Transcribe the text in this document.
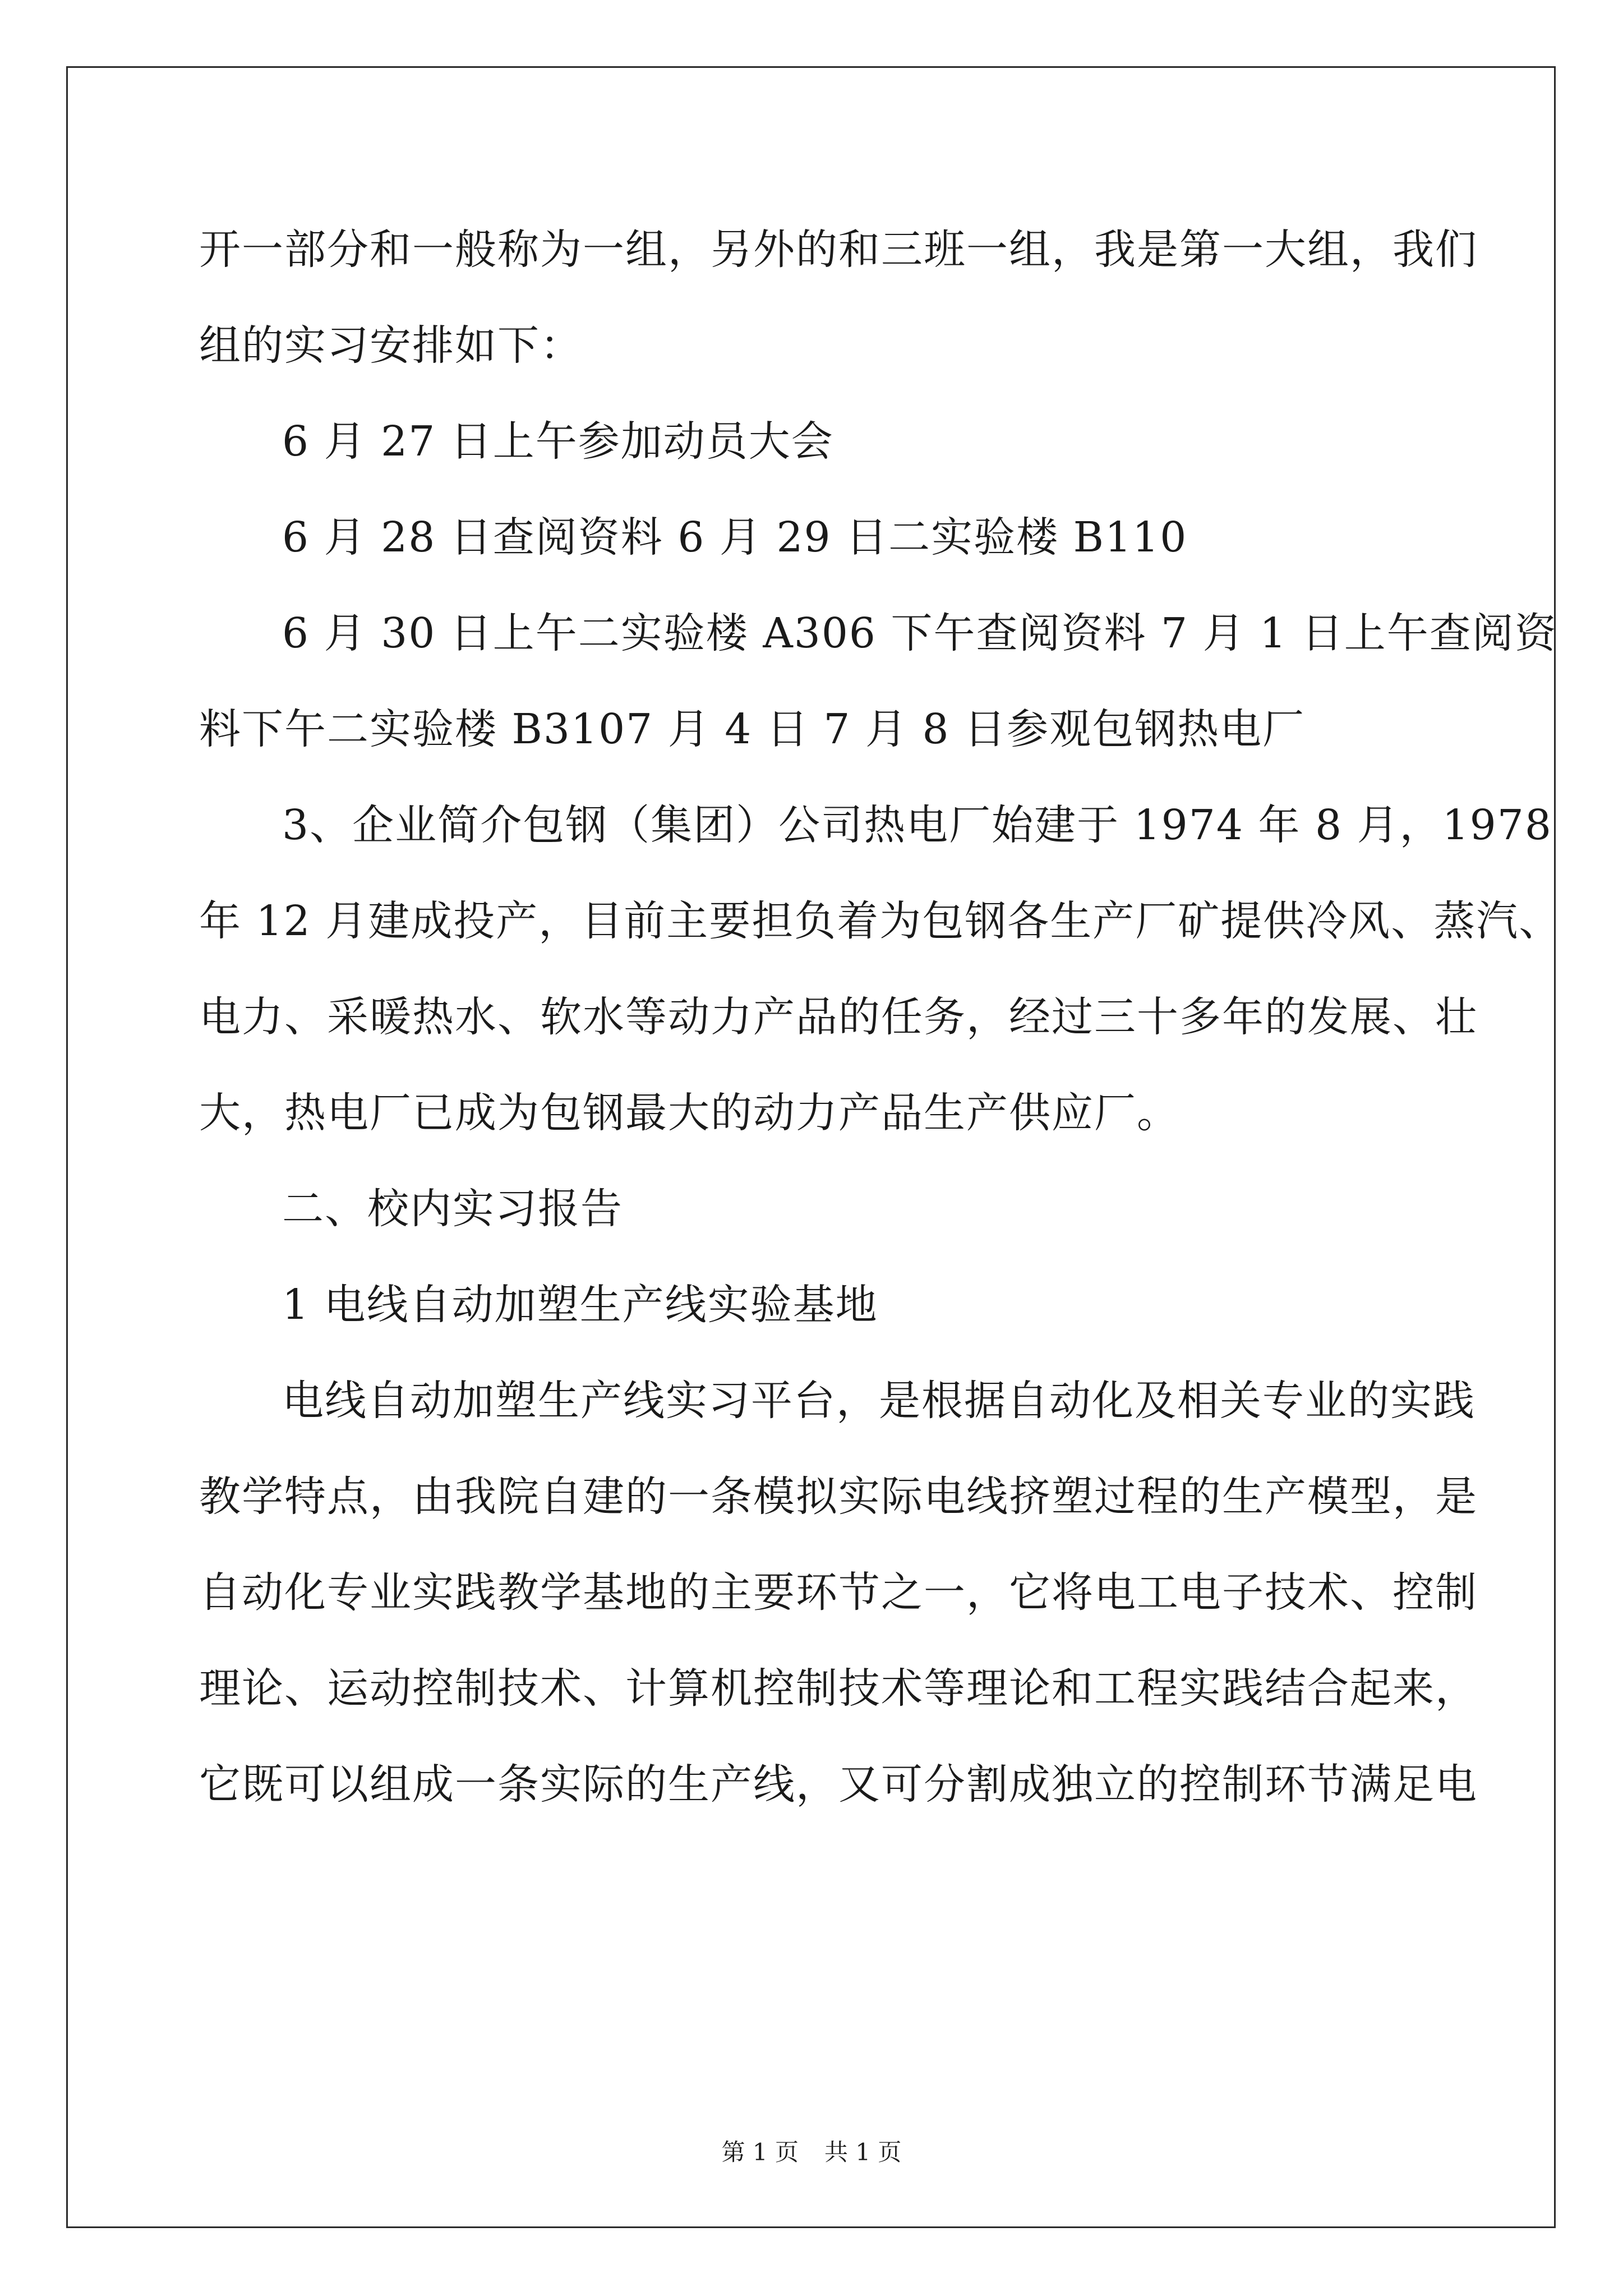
开一部分和一般称为一组，另外的和三班一组，我是第一大组，我们

组的实习安排如下：

6 月 27 日上午参加动员大会

6 月 28 日查阅资料 6 月 29 日二实验楼 B110

6 月 30 日上午二实验楼 A306 下午查阅资料 7 月 1 日上午查阅资

料下午二实验楼 B3107 月 4 日 7 月 8 日参观包钢热电厂

3、企业简介包钢（集团）公司热电厂始建于 1974 年 8 月，1978

年 12 月建成投产，目前主要担负着为包钢各生产厂矿提供冷风、蒸汽、

电力、采暖热水、软水等动力产品的任务，经过三十多年的发展、壮

大，热电厂已成为包钢最大的动力产品生产供应厂。

二、校内实习报告

1 电线自动加塑生产线实验基地

电线自动加塑生产线实习平台，是根据自动化及相关专业的实践

教学特点，由我院自建的一条模拟实际电线挤塑过程的生产模型，是

自动化专业实践教学基地的主要环节之一，它将电工电子技术、控制

理论、运动控制技术、计算机控制技术等理论和工程实践结合起来，

它既可以组成一条实际的生产线，又可分割成独立的控制环节满足电

第 1 页 共 1 页
